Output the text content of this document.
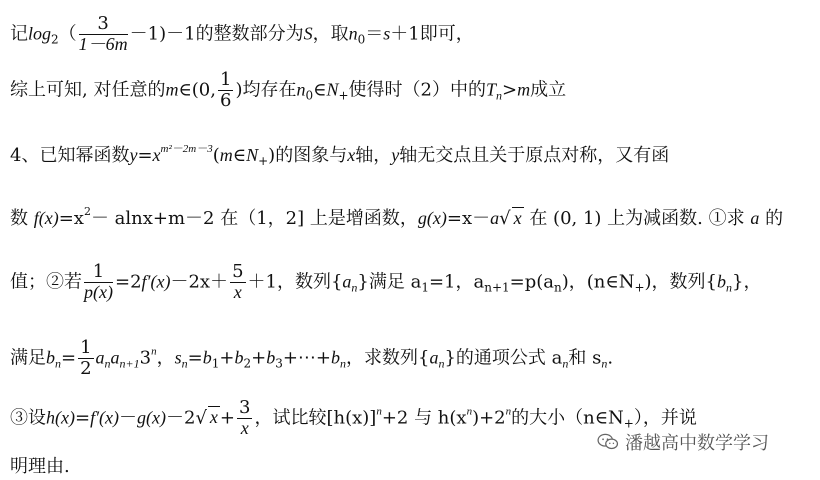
记$\log_2( \frac{3}{1-6m} -1)-1$的整数部分为S，取$n_0=s+1$即可，
综上可知, 对任意的m∈(0, $\frac{1}{6}$ )均存在$n_0\in N_+$使得时（2）中的$T_n>m$成立
4、已知幂函数$y=x^{m^2-2m-3}(m\in N_+)$的图象与x轴，y轴无交点且关于原点对称，又有函
数 $f(x)=x^2- alnx+m-2$ 在（1，2] 上是增函数，g(x)=x－a√ x 在 (0, 1) 上为减函数. ①求 a 的
值；②若 $\frac{1}{p(x)} =2f'(x)-2x+ \frac{5}{x} +1$，数列$\{a_n\}$满足 $a_1=1$，$a_{n+1}=p(a_n)$，$(n\in N_+)$，数列$\{b_n\}$，
满足$b_n= \frac{1}{2} a_na_{n+1}3^n$，$s_n=b_1+b_2+b_3+\cdots+b_n$，求数列$\{a_n\}$的通项公式 $a_n$和 $s_n$.
③设h(x)=f′(x)－g(x)－2√ $x + \frac{3}{x}$ ，试比较$[h(x)]^n+2$ 与 $h(x^n)+2^n$的大小$(n\in N_+)$，并说
明理由.
潘越高中数学学习
